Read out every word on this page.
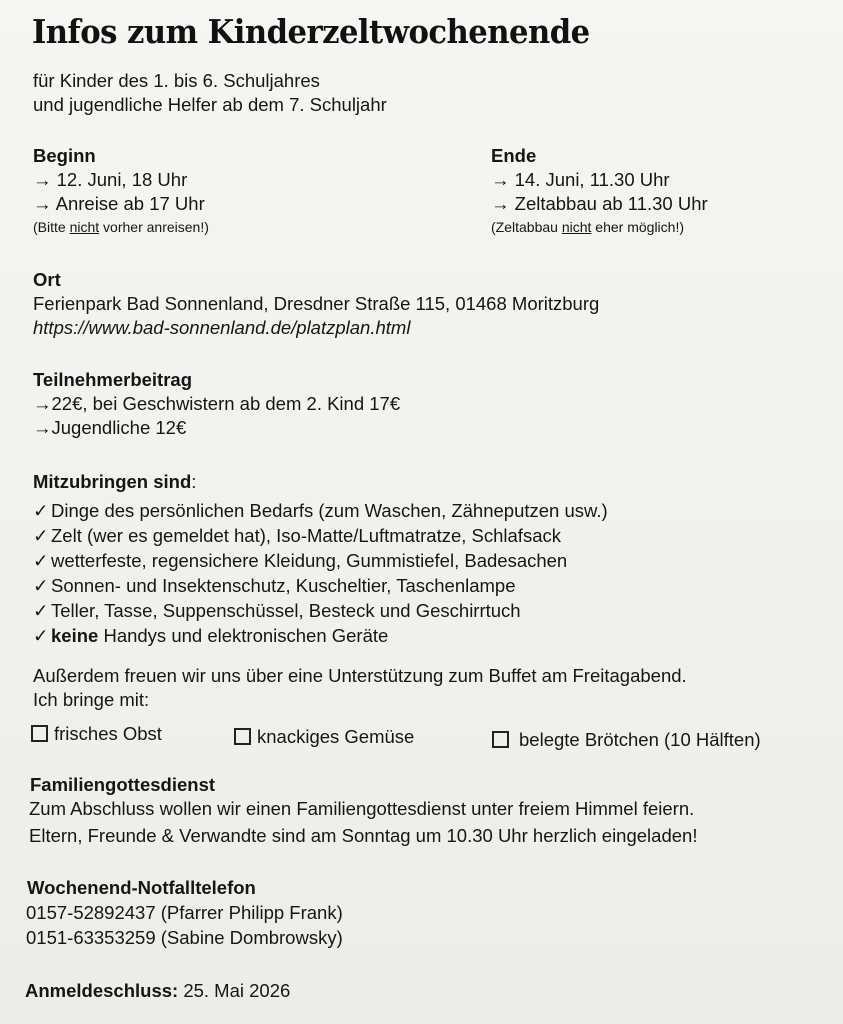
Infos zum Kinderzeltwochenende
für Kinder des 1. bis 6. Schuljahres
und jugendliche Helfer ab dem 7. Schuljahr
Beginn
→ 12. Juni, 18 Uhr
→ Anreise ab 17 Uhr
(Bitte nicht vorher anreisen!)
Ende
→ 14. Juni, 11.30 Uhr
→ Zeltabbau ab 11.30 Uhr
(Zeltabbau nicht eher möglich!)
Ort
Ferienpark Bad Sonnenland, Dresdner Straße 115, 01468 Moritzburg
https://www.bad-sonnenland.de/platzplan.html
Teilnehmerbeitrag
→22€, bei Geschwistern ab dem 2. Kind 17€
→Jugendliche 12€
Mitzubringen sind:
✓ Dinge des persönlichen Bedarfs (zum Waschen, Zähneputzen usw.)
✓ Zelt (wer es gemeldet hat), Iso-Matte/Luftmatratze, Schlafsack
✓ wetterfeste, regensichere Kleidung, Gummistiefel, Badesachen
✓ Sonnen- und Insektenschutz, Kuscheltier, Taschenlampe
✓ Teller, Tasse, Suppenschüssel, Besteck und Geschirrtuch
✓ keine Handys und elektronischen Geräte
Außerdem freuen wir uns über eine Unterstützung zum Buffet am Freitagabend.
Ich bringe mit:
frisches Obst	knackiges Gemüse	belegte Brötchen (10 Hälften)
Familiengottesdienst
Zum Abschluss wollen wir einen Familiengottesdienst unter freiem Himmel feiern.
Eltern, Freunde & Verwandte sind am Sonntag um 10.30 Uhr herzlich eingeladen!
Wochenend-Notfalltelefon
0157-52892437 (Pfarrer Philipp Frank)
0151-63353259 (Sabine Dombrowsky)
Anmeldeschluss: 25. Mai 2026
